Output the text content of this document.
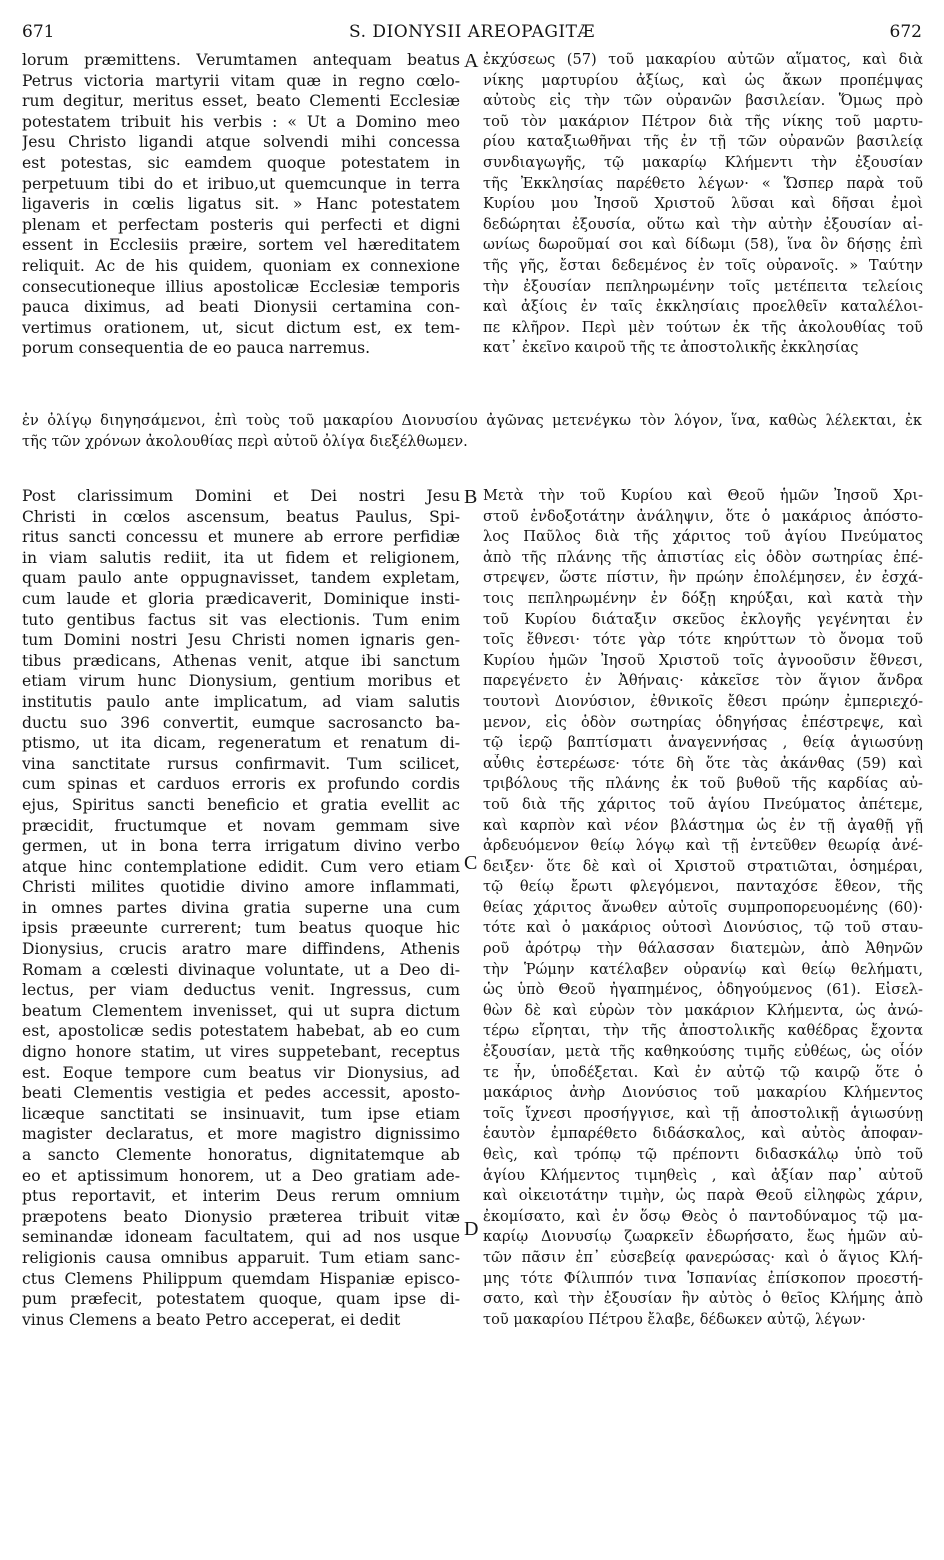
671	S. DIONYSII AREOPAGITÆ	672
lorum præmittens. Verumtamen antequam beatus
Petrus victoria martyrii vitam quæ in regno cœlo-
rum degitur, meritus esset, beato Clementi Ecclesiæ
potestatem tribuit his verbis : « Ut a Domino meo
Jesu Christo ligandi atque solvendi mihi concessa
est potestas, sic eamdem quoque potestatem in
perpetuum tibi do et iribuo,ut quemcunque in terra
ligaveris in cœlis ligatus sit. » Hanc potestatem
plenam et perfectam posteris qui perfecti et digni
essent in Ecclesiis præire, sortem vel hæreditatem
reliquit. Ac de his quidem, quoniam ex connexione
consecutioneque illius apostolicæ Ecclesiæ temporis
pauca diximus, ad beati Dionysii certamina con-
vertimus orationem, ut, sicut dictum est, ex tem-
porum consequentia de eo pauca narremus.
A ἐκχύσεως (57) τοῦ μακαρίου αὐτῶν αἵματος, καὶ διὰ
νίκης μαρτυρίου ἀξίως, καὶ ὡς ἄκων προπέμψας
αὐτοὺς εἰς τὴν τῶν οὐρανῶν βασιλείαν. Ὅμως πρὸ
τοῦ τὸν μακάριον Πέτρον διὰ τῆς νίκης τοῦ μαρτυ-
ρίου καταξιωθῆναι τῆς ἐν τῇ τῶν οὐρανῶν βασιλείᾳ
συνδιαγωγῆς, τῷ μακαρίῳ Κλήμεντι τὴν ἐξουσίαν
τῆς Ἐκκλησίας παρέθετο λέγων· « Ὥσπερ παρὰ τοῦ
Κυρίου μου Ἰησοῦ Χριστοῦ λῦσαι καὶ δῆσαι ἐμοὶ
δεδώρηται ἐξουσία, οὕτω καὶ τὴν αὐτὴν ἐξουσίαν αἰ-
ωνίως δωροῦμαί σοι καὶ δίδωμι (58), ἵνα ὃν δήσῃς ἐπὶ
τῆς γῆς, ἔσται δεδεμένος ἐν τοῖς οὐρανοῖς. » Ταύτην
τὴν ἐξουσίαν πεπληρωμένην τοῖς μετέπειτα τελείοις
καὶ ἀξίοις ἐν ταῖς ἐκκλησίαις προελθεῖν καταλέλοι-
πε κλῆρον. Περὶ μὲν τούτων ἐκ τῆς ἀκολουθίας τοῦ
κατ᾽ ἐκεῖνο καιροῦ τῆς τε ἀποστολικῆς ἐκκλησίας
ἐν ὀλίγῳ διηγησάμενοι, ἐπὶ τοὺς τοῦ μακαρίου Διονυσίου ἀγῶνας μετενέγκω τὸν λόγον, ἵνα, καθὼς λέλεκται, ἐκ
τῆς τῶν χρόνων ἀκολουθίας περὶ αὐτοῦ ὀλίγα διεξέλθωμεν.
Post clarissimum Domini et Dei nostri Jesu
Christi in cœlos ascensum, beatus Paulus, Spi-
ritus sancti concessu et munere ab errore perfidiæ
in viam salutis rediit, ita ut fidem et religionem,
quam paulo ante oppugnavisset, tandem expletam,
cum laude et gloria prædicaverit, Dominique insti-
tuto gentibus factus sit vas electionis. Tum enim
tum Domini nostri Jesu Christi nomen ignaris gen-
tibus prædicans, Athenas venit, atque ibi sanctum
etiam virum hunc Dionysium, gentium moribus et
institutis paulo ante implicatum, ad viam salutis
ductu suo 396 convertit, eumque sacrosancto ba-
ptismo, ut ita dicam, regeneratum et renatum di-
vina sanctitate rursus confirmavit. Tum scilicet,
cum spinas et carduos erroris ex profundo cordis
ejus, Spiritus sancti beneficio et gratia evellit ac
præcidit, fructumque et novam gemmam sive
germen, ut in bona terra irrigatum divino verbo
atque hinc contemplatione edidit. Cum vero etiam
Christi milites quotidie divino amore inflammati,
in omnes partes divina gratia superne una cum
ipsis præeunte currerent; tum beatus quoque hic
Dionysius, crucis aratro mare diffindens, Athenis
Romam a cœlesti divinaque voluntate, ut a Deo di-
lectus, per viam deductus venit. Ingressus, cum
beatum Clementem invenisset, qui ut supra dictum
est, apostolicæ sedis potestatem habebat, ab eo cum
digno honore statim, ut vires suppetebant, receptus
est. Eoque tempore cum beatus vir Dionysius, ad
beati Clementis vestigia et pedes accessit, aposto-
licæque sanctitati se insinuavit, tum ipse etiam
magister declaratus, et more magistro dignissimo
a sancto Clemente honoratus, dignitatemque ab
eo et aptissimum honorem, ut a Deo gratiam ade-
ptus reportavit, et interim Deus rerum omnium
præpotens beato Dionysio præterea tribuit vitæ
seminandæ idoneam facultatem, qui ad nos usque
religionis causa omnibus apparuit. Tum etiam sanc-
ctus Clemens Philippum quemdam Hispaniæ episco-
pum præfecit, potestatem quoque, quam ipse di-
vinus Clemens a beato Petro acceperat, ei dedit
B
C
D
Μετὰ τὴν τοῦ Κυρίου καὶ Θεοῦ ἡμῶν Ἰησοῦ Χρι-
στοῦ ἐνδοξοτάτην ἀνάληψιν, ὅτε ὁ μακάριος ἀπόστο-
λος Παῦλος διὰ τῆς χάριτος τοῦ ἁγίου Πνεύματος
ἀπὸ τῆς πλάνης τῆς ἀπιστίας εἰς ὁδὸν σωτηρίας ἐπέ-
στρεψεν, ὥστε πίστιν, ἣν πρώην ἐπολέμησεν, ἐν ἐσχά-
τοις πεπληρωμένην ἐν δόξῃ κηρύξαι, καὶ κατὰ τὴν
τοῦ Κυρίου διάταξιν σκεῦος ἐκλογῆς γεγένηται ἐν
τοῖς ἔθνεσι· τότε γὰρ τότε κηρύττων τὸ ὄνομα τοῦ
Κυρίου ἡμῶν Ἰησοῦ Χριστοῦ τοῖς ἀγνοοῦσιν ἔθνεσι,
παρεγένετο ἐν Ἀθήναις· κἀκεῖσε τὸν ἅγιον ἄνδρα
τουτονὶ Διονύσιον, ἐθνικοῖς ἔθεσι πρώην ἐμπεριεχό-
μενον, εἰς ὁδὸν σωτηρίας ὁδηγήσας ἐπέστρεψε, καὶ
τῷ ἱερῷ βαπτίσματι ἀναγεννήσας , θείᾳ ἁγιωσύνῃ
αὖθις ἐστερέωσε· τότε δὴ ὅτε τὰς ἀκάνθας (59) καὶ
τριβόλους τῆς πλάνης ἐκ τοῦ βυθοῦ τῆς καρδίας αὐ-
τοῦ διὰ τῆς χάριτος τοῦ ἁγίου Πνεύματος ἀπέτεμε,
καὶ καρπὸν καὶ νέον βλάστημα ὡς ἐν τῇ ἀγαθῇ γῇ
ἀρδευόμενον θείῳ λόγῳ καὶ τῇ ἐντεῦθεν θεωρίᾳ ἀνέ-
δειξεν· ὅτε δὲ καὶ οἱ Χριστοῦ στρατιῶται, ὁσημέραι,
τῷ θείῳ ἔρωτι φλεγόμενοι, πανταχόσε ἔθεον, τῆς
θείας χάριτος ἄνωθεν αὐτοῖς συμπροπορευομένης (60)·
τότε καὶ ὁ μακάριος οὑτοσὶ Διονύσιος, τῷ τοῦ σταυ-
ροῦ ἀρότρῳ τὴν θάλασσαν διατεμὼν, ἀπὸ Ἀθηνῶν
τὴν Ῥώμην κατέλαβεν οὐρανίῳ καὶ θείῳ θελήματι,
ὡς ὑπὸ Θεοῦ ἠγαπημένος, ὁδηγούμενος (61). Εἰσελ-
θὼν δὲ καὶ εὑρὼν τὸν μακάριον Κλήμεντα, ὡς ἀνώ-
τέρω εἴρηται, τὴν τῆς ἀποστολικῆς καθέδρας ἔχοντα
ἐξουσίαν, μετὰ τῆς καθηκούσης τιμῆς εὐθέως, ὡς οἷόν
τε ἦν, ὑποδέξεται. Καὶ ἐν αὐτῷ τῷ καιρῷ ὅτε ὁ
μακάριος ἀνὴρ Διονύσιος τοῦ μακαρίου Κλήμεντος
τοῖς ἴχνεσι προσήγγισε, καὶ τῇ ἀποστολικῇ ἁγιωσύνῃ
ἑαυτὸν ἐμπαρέθετο διδάσκαλος, καὶ αὐτὸς ἀποφαν-
θεὶς, καὶ τρόπῳ τῷ πρέποντι διδασκάλῳ ὑπὸ τοῦ
ἁγίου Κλήμεντος τιμηθεὶς , καὶ ἀξίαν παρ᾽ αὐτοῦ
καὶ οἰκειοτάτην τιμὴν, ὡς παρὰ Θεοῦ εἰληφὼς χάριν,
ἐκομίσατο, καὶ ἐν ὅσῳ Θεὸς ὁ παντοδύναμος τῷ μα-
καρίῳ Διονυσίῳ ζωαρκεῖν ἐδωρήσατο, ἕως ἡμῶν αὐ-
τῶν πᾶσιν ἐπ᾽ εὐσεβείᾳ φανερώσας· καὶ ὁ ἅγιος Κλή-
μης τότε Φίλιππόν τινα Ἱσπανίας ἐπίσκοπον προεστή-
σατο, καὶ τὴν ἐξουσίαν ἣν αὐτὸς ὁ θεῖος Κλήμης ἀπὸ
τοῦ μακαρίου Πέτρου ἔλαβε, δέδωκεν αὐτῷ, λέγων·
